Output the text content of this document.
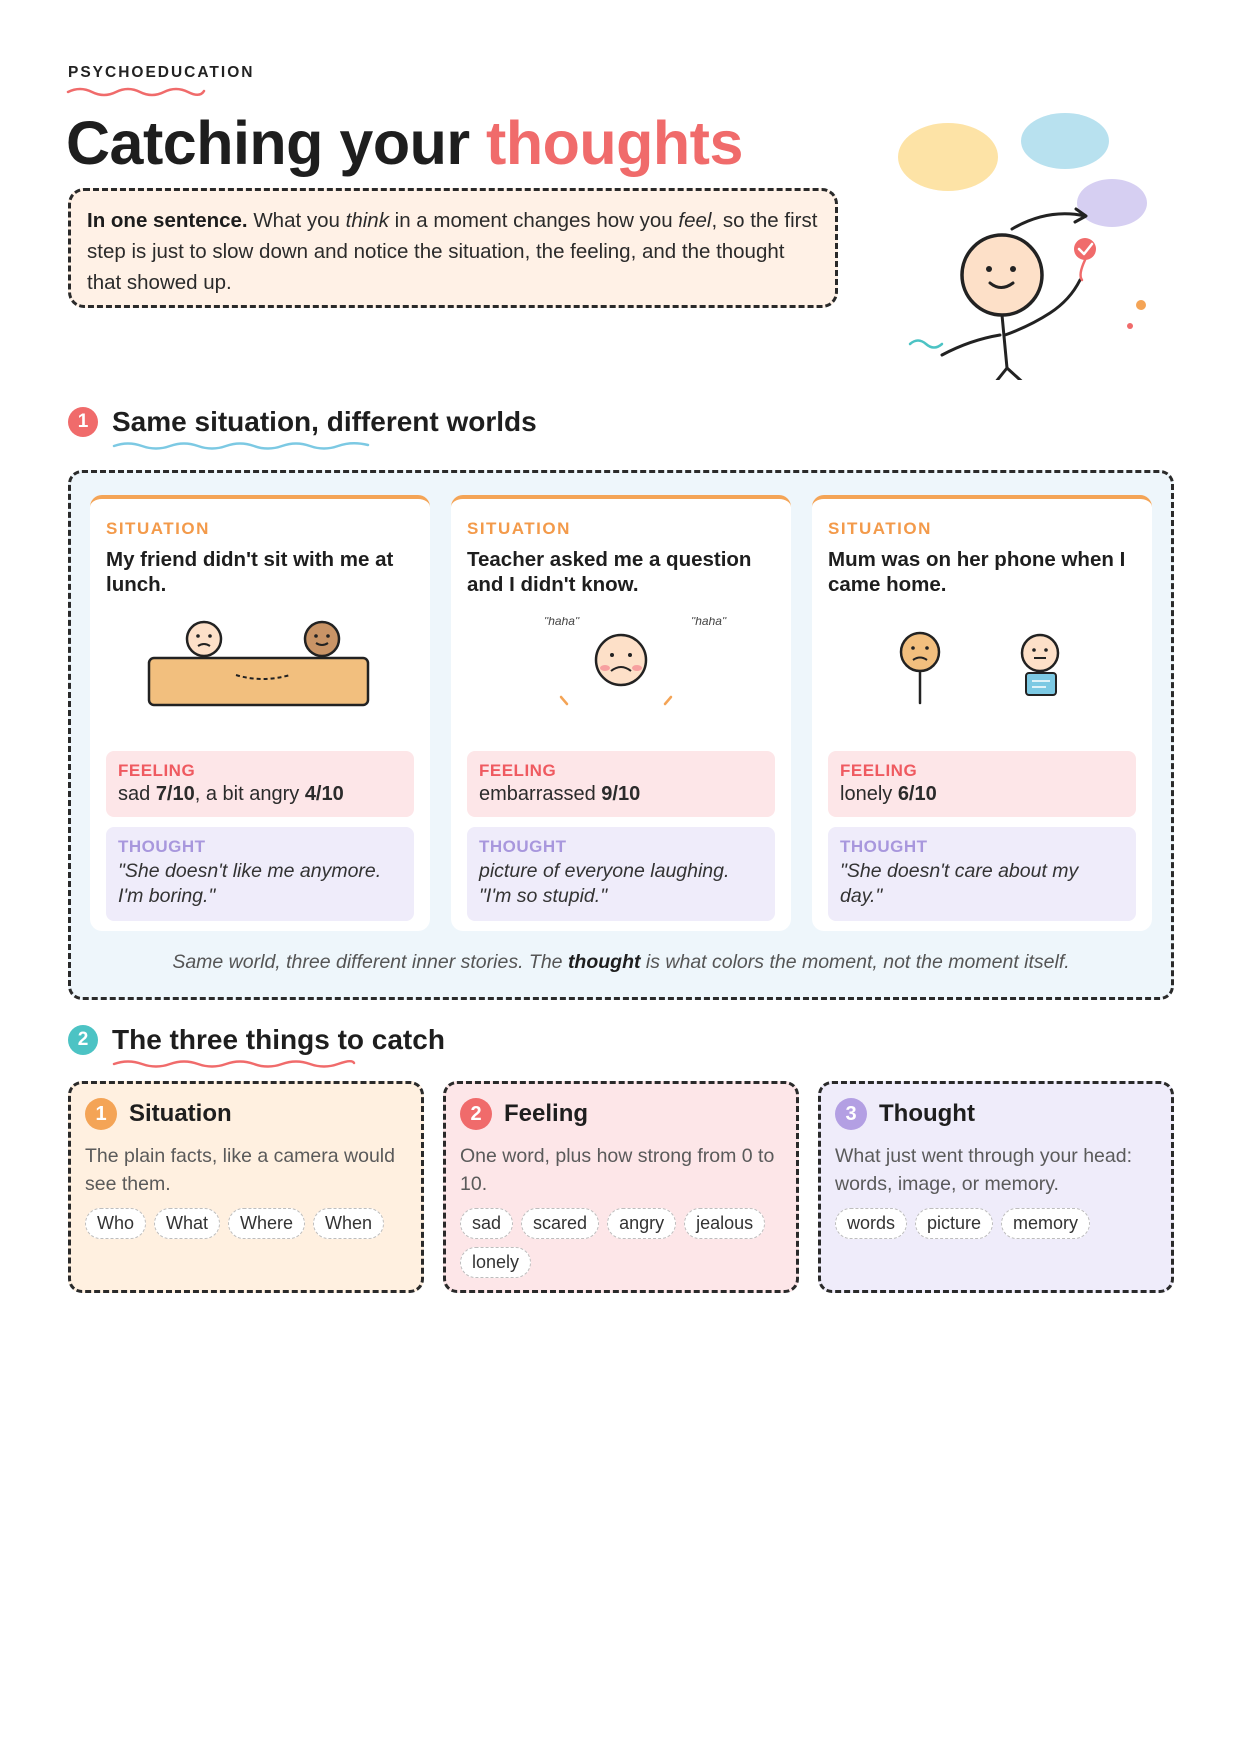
PSYCHOEDUCATION
Catching your thoughts
In one sentence. What you think in a moment changes how you feel, so the first step is just to slow down and notice the situation, the feeling, and the thought that showed up.
1 Same situation, different worlds
SITUATION
My friend didn't sit with me at lunch.
FEELING
sad 7/10, a bit angry 4/10
THOUGHT
"She doesn't like me anymore. I'm boring."
SITUATION
Teacher asked me a question and I didn't know.
"haha"	"haha"
FEELING
embarrassed 9/10
THOUGHT
picture of everyone laughing. "I'm so stupid."
SITUATION
Mum was on her phone when I came home.
FEELING
lonely 6/10
THOUGHT
"She doesn't care about my day."
Same world, three different inner stories. The thought is what colors the moment, not the moment itself.
2 The three things to catch
1 Situation
The plain facts, like a camera would see them.
Who	What	Where	When
2 Feeling
One word, plus how strong from 0 to 10.
sad	scared	angry	jealous
lonely
3 Thought
What just went through your head: words, image, or memory.
words	picture	memory
